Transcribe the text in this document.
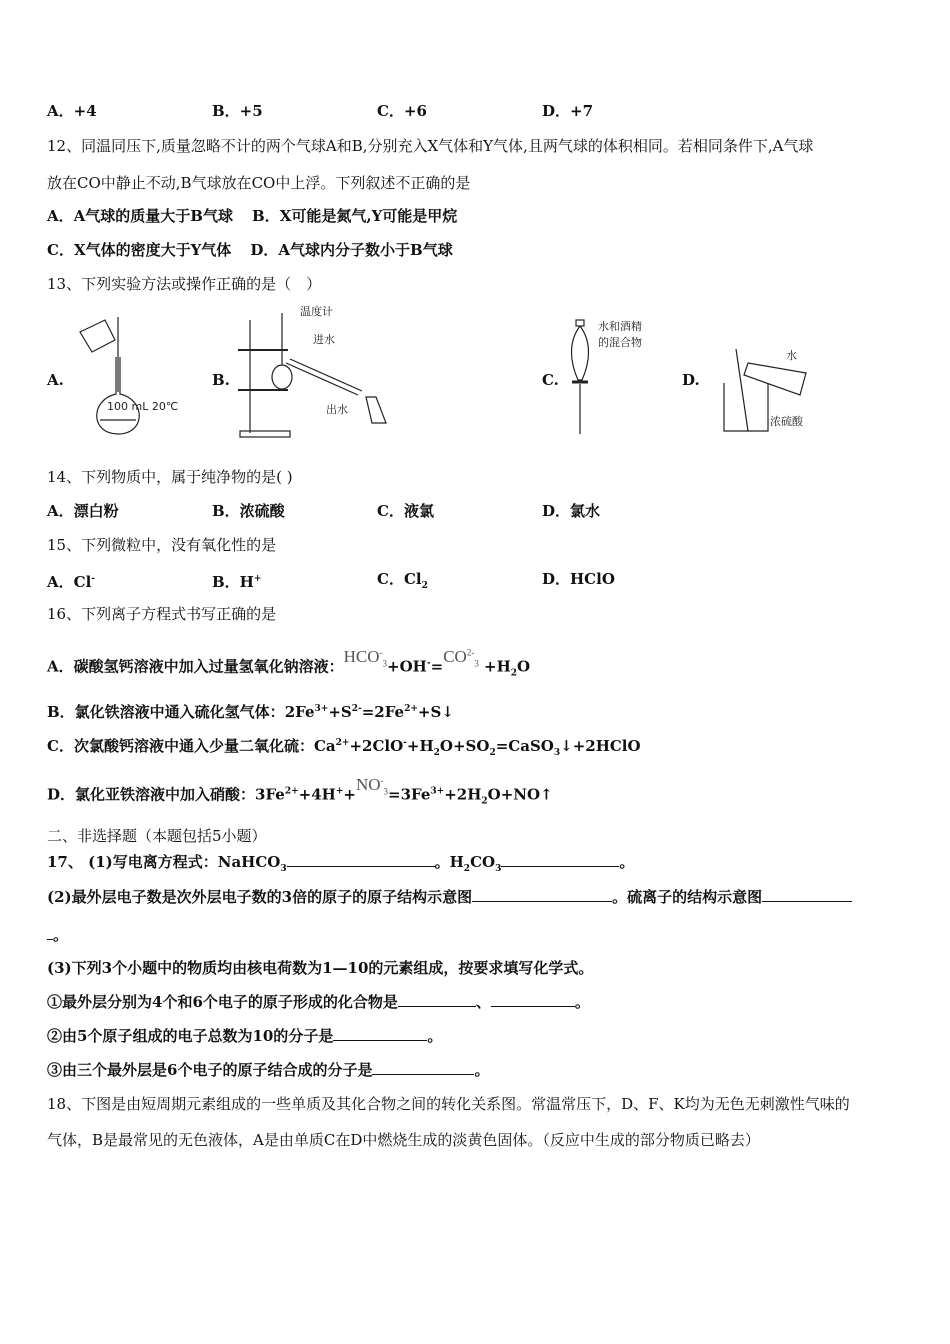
A．+4	B．+5	C．+6	D．+7
12、同温同压下,质量忽略不计的两个气球A和B,分别充入X气体和Y气体,且两气球的体积相同。若相同条件下,A气球
放在CO中静止不动,B气球放在CO中上浮。下列叙述不正确的是
A．A气球的质量大于B气球 B．X可能是氮气,Y可能是甲烷
C．X气体的密度大于Y气体 D．A气球内分子数小于B气球
13、下列实验方法或操作正确的是（　）
A.	B.	C.	D.
100 mL 20℃
温度计
进水
出水
水和酒精
的混合物
水
浓硫酸
14、下列物质中，属于纯净物的是( )
A．漂白粉	B．浓硫酸	C．液氯	D．氯水
15、下列微粒中，没有氧化性的是
A．Cl-	B．H+	C．$Cl_2$	D．HClO
16、下列离子方程式书写正确的是
A．碳酸氢钙溶液中加入过量氢氧化钠溶液：$HCO^-_3+OH^-=CO^{2-}_3 +H_2O$
B．氯化铁溶液中通入硫化氢气体：$2Fe^{3+}+S^{2-}=2Fe^{2+}+S↓$
C．次氯酸钙溶液中通入少量二氧化硫：$Ca^{2+}+2ClO^-+H_2O+SO_2=CaSO_3↓+2HClO$
D．氯化亚铁溶液中加入硝酸：$3Fe^{2+}+4H^++NO^-_3=3Fe^{3+}+2H_2O+NO↑$
二、非选择题（本题包括5小题）
17、 (1)写电离方程式：NaHCO$_3$	。$H_2CO_3$	。
(2)最外层电子数是次外层电子数的3倍的原子的原子结构示意图	。硫离子的结构示意图
。
(3)下列3个小题中的物质均由核电荷数为1—10的元素组成，按要求填写化学式。
①最外层分别为4个和6个电子的原子形成的化合物是	、	。
②由5个原子组成的电子总数为10的分子是	。
③由三个最外层是6个电子的原子结合成的分子是	。
18、下图是由短周期元素组成的一些单质及其化合物之间的转化关系图。常温常压下，D、F、K均为无色无刺激性气味的
气体，B是最常见的无色液体，A是由单质C在D中燃烧生成的淡黄色固体。（反应中生成的部分物质已略去）
